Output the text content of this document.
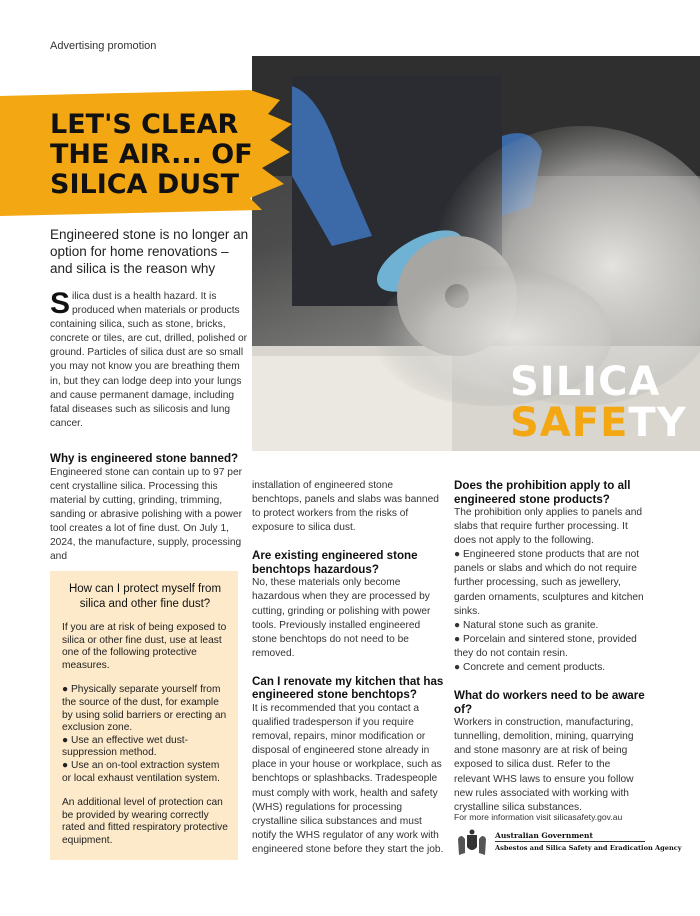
Advertising promotion
SILICA
SAFETY
LET'S CLEAR
THE AIR... OF
SILICA DUST
Engineered stone is no longer an option for home renovations – and silica is the reason why
Silica dust is a health hazard. It is produced when materials or products containing silica, such as stone, bricks, concrete or tiles, are cut, drilled, polished or ground. Particles of silica dust are so small you may not know you are breathing them in, but they can lodge deep into your lungs and cause permanent damage, including fatal diseases such as silicosis and lung cancer.
Why is engineered stone banned?

Engineered stone can contain up to 97 per cent crystalline silica. Processing this material by cutting, grinding, trimming, sanding or abrasive polishing with a power tool creates a lot of fine dust. On July 1, 2024, the manufacture, supply, processing and

How can I protect myself from silica and other fine dust?
If you are at risk of being exposed to silica or other fine dust, use at least one of the following protective measures.

● Physically separate yourself from the source of the dust, for example by using solid barriers or erecting an exclusion zone.

● Use an effective wet dust-suppression method.

● Use an on-tool extraction system or local exhaust ventilation system.

An additional level of protection can be provided by wearing correctly rated and fitted respiratory protective equipment.

installation of engineered stone benchtops, panels and slabs was banned to protect workers from the risks of exposure to silica dust.

Are existing engineered stone benchtops hazardous?

No, these materials only become hazardous when they are processed by cutting, grinding or polishing with power tools. Previously installed engineered stone benchtops do not need to be removed.

Can I renovate my kitchen that has engineered stone benchtops?

It is recommended that you contact a qualified tradesperson if you require removal, repairs, minor modification or disposal of engineered stone already in place in your house or workplace, such as benchtops or splashbacks. Tradespeople must comply with work, health and safety (WHS) regulations for processing crystalline silica substances and must notify the WHS regulator of any work with engineered stone before they start the job.

Does the prohibition apply to all engineered stone products?

The prohibition only applies to panels and slabs that require further processing. It does not apply to the following.

● Engineered stone products that are not panels or slabs and which do not require further processing, such as jewellery, garden ornaments, sculptures and kitchen sinks.

● Natural stone such as granite.

● Porcelain and sintered stone, provided they do not contain resin.

● Concrete and cement products.

What do workers need to be aware of?

Workers in construction, manufacturing, tunnelling, demolition, mining, quarrying and stone masonry are at risk of being exposed to silica dust. Refer to the relevant WHS laws to ensure you follow new rules associated with working with crystalline silica substances.

For more information visit silicasafety.gov.au
Australian Government
Asbestos and Silica Safety and Eradication Agency
